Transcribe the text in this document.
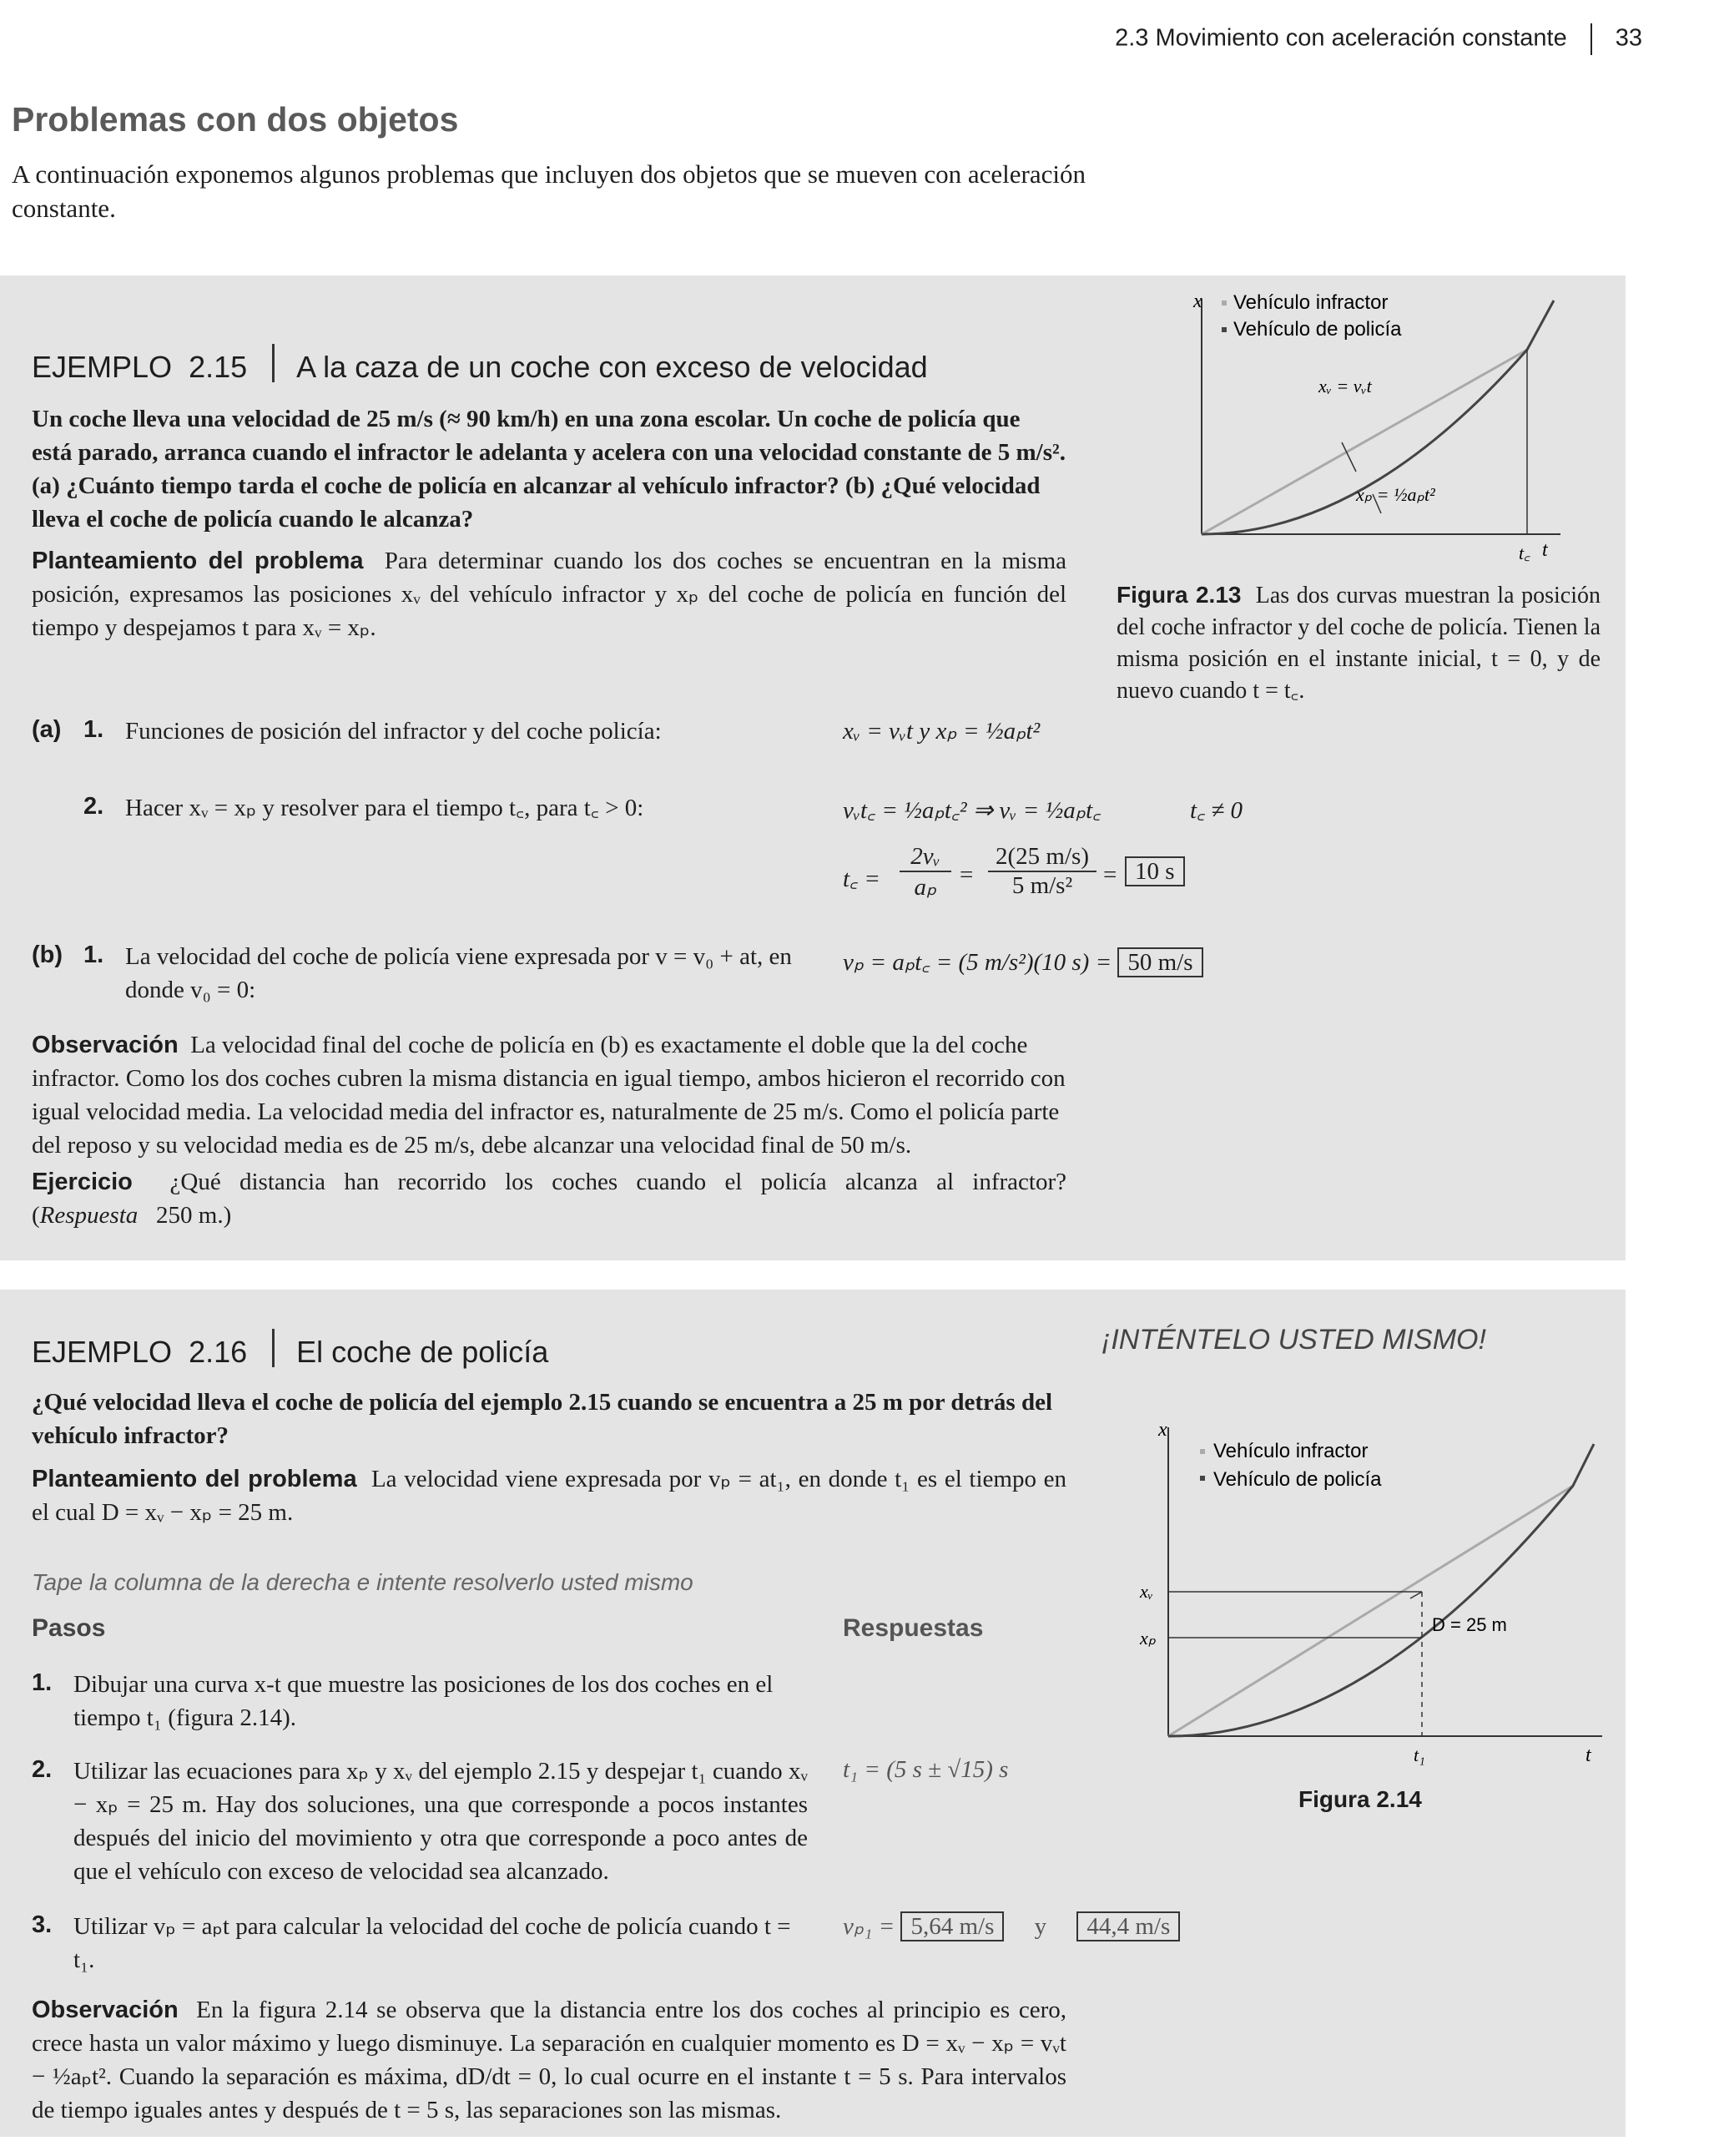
2.3 Movimiento con aceleración constante 33
Problemas con dos objetos
A continuación exponemos algunos problemas que incluyen dos objetos que se mueven con aceleración constante.
EJEMPLO 2.15 A la caza de un coche con exceso de velocidad
Un coche lleva una velocidad de 25 m/s (≈ 90 km/h) en una zona escolar. Un coche de policía que está parado, arranca cuando el infractor le adelanta y acelera con una velocidad constante de 5 m/s². (a) ¿Cuánto tiempo tarda el coche de policía en alcanzar al vehículo infractor? (b) ¿Qué velocidad lleva el coche de policía cuando le alcanza?
Planteamiento del problema Para determinar cuando los dos coches se encuentran en la misma posición, expresamos las posiciones xᵥ del vehículo infractor y xₚ del coche de policía en función del tiempo y despejamos t para xᵥ = xₚ.
(a) 1. Funciones de posición del infractor y del coche policía:	xᵥ = vᵥt y xₚ = ½aₚt²
2. Hacer xᵥ = xₚ y resolver para el tiempo t꜀, para t꜀ > 0:	vᵥt꜀ = ½aₚt꜀² ⇒ vᵥ = ½aₚt꜀	t꜀ ≠ 0
t꜀ = $\frac{\text{2vᵥ}}{\text{aₚ}} = \frac{2(25 m/s)}{\text{5 m/s²}} = 10$ s
(b) 1. La velocidad del coche de policía viene expresada por v = v₀ + at, en donde v₀ = 0:
vₚ = aₚt꜀ = (5 m/s²)(10 s) = 50 m/s
Observación La velocidad final del coche de policía en (b) es exactamente el doble que la del coche infractor. Como los dos coches cubren la misma distancia en igual tiempo, ambos hicieron el recorrido con igual velocidad media. La velocidad media del infractor es, naturalmente de 25 m/s. Como el policía parte del reposo y su velocidad media es de 25 m/s, debe alcanzar una velocidad final de 50 m/s.
Ejercicio ¿Qué distancia han recorrido los coches cuando el policía alcanza al infractor? (Respuesta 250 m.)
x
t
t꜀
Vehículo infractor
Vehículo de policía
xᵥ = vᵥt
xₚ = ½aₚt²
Figura 2.13 Las dos curvas muestran la posición del coche infractor y del coche de policía. Tienen la misma posición en el instante inicial, t = 0, y de nuevo cuando t = t꜀.
EJEMPLO 2.16 El coche de policía	¡INTÉNTELO USTED MISMO!
¿Qué velocidad lleva el coche de policía del ejemplo 2.15 cuando se encuentra a 25 m por detrás del vehículo infractor?
Planteamiento del problema La velocidad viene expresada por vₚ = at₁, en donde t₁ es el tiempo en el cual D = xᵥ − xₚ = 25 m.
Tape la columna de la derecha e intente resolverlo usted mismo
Pasos	Respuestas
1. Dibujar una curva x-t que muestre las posiciones de los dos coches en el tiempo t₁ (figura 2.14).
2. Utilizar las ecuaciones para xₚ y xᵥ del ejemplo 2.15 y despejar t₁ cuando xᵥ − xₚ = 25 m. Hay dos soluciones, una que corresponde a pocos instantes después del inicio del movimiento y otra que corresponde a poco antes de que el vehículo con exceso de velocidad sea alcanzado.
t₁ = (5 s ± √15) s
3. Utilizar vₚ = aₚt para calcular la velocidad del coche de policía cuando t = t₁.
vₚ₁ = 5,64 m/s y 44,4 m/s
Observación En la figura 2.14 se observa que la distancia entre los dos coches al principio es cero, crece hasta un valor máximo y luego disminuye. La separación en cualquier momento es D = xᵥ − xₚ = vᵥt − ½aₚt². Cuando la separación es máxima, dD/dt = 0, lo cual ocurre en el instante t = 5 s. Para intervalos de tiempo iguales antes y después de t = 5 s, las separaciones son las mismas.
x
t
t₁
xᵥ
xₚ
D = 25 m
Vehículo infractor
Vehículo de policía
Figura 2.14
